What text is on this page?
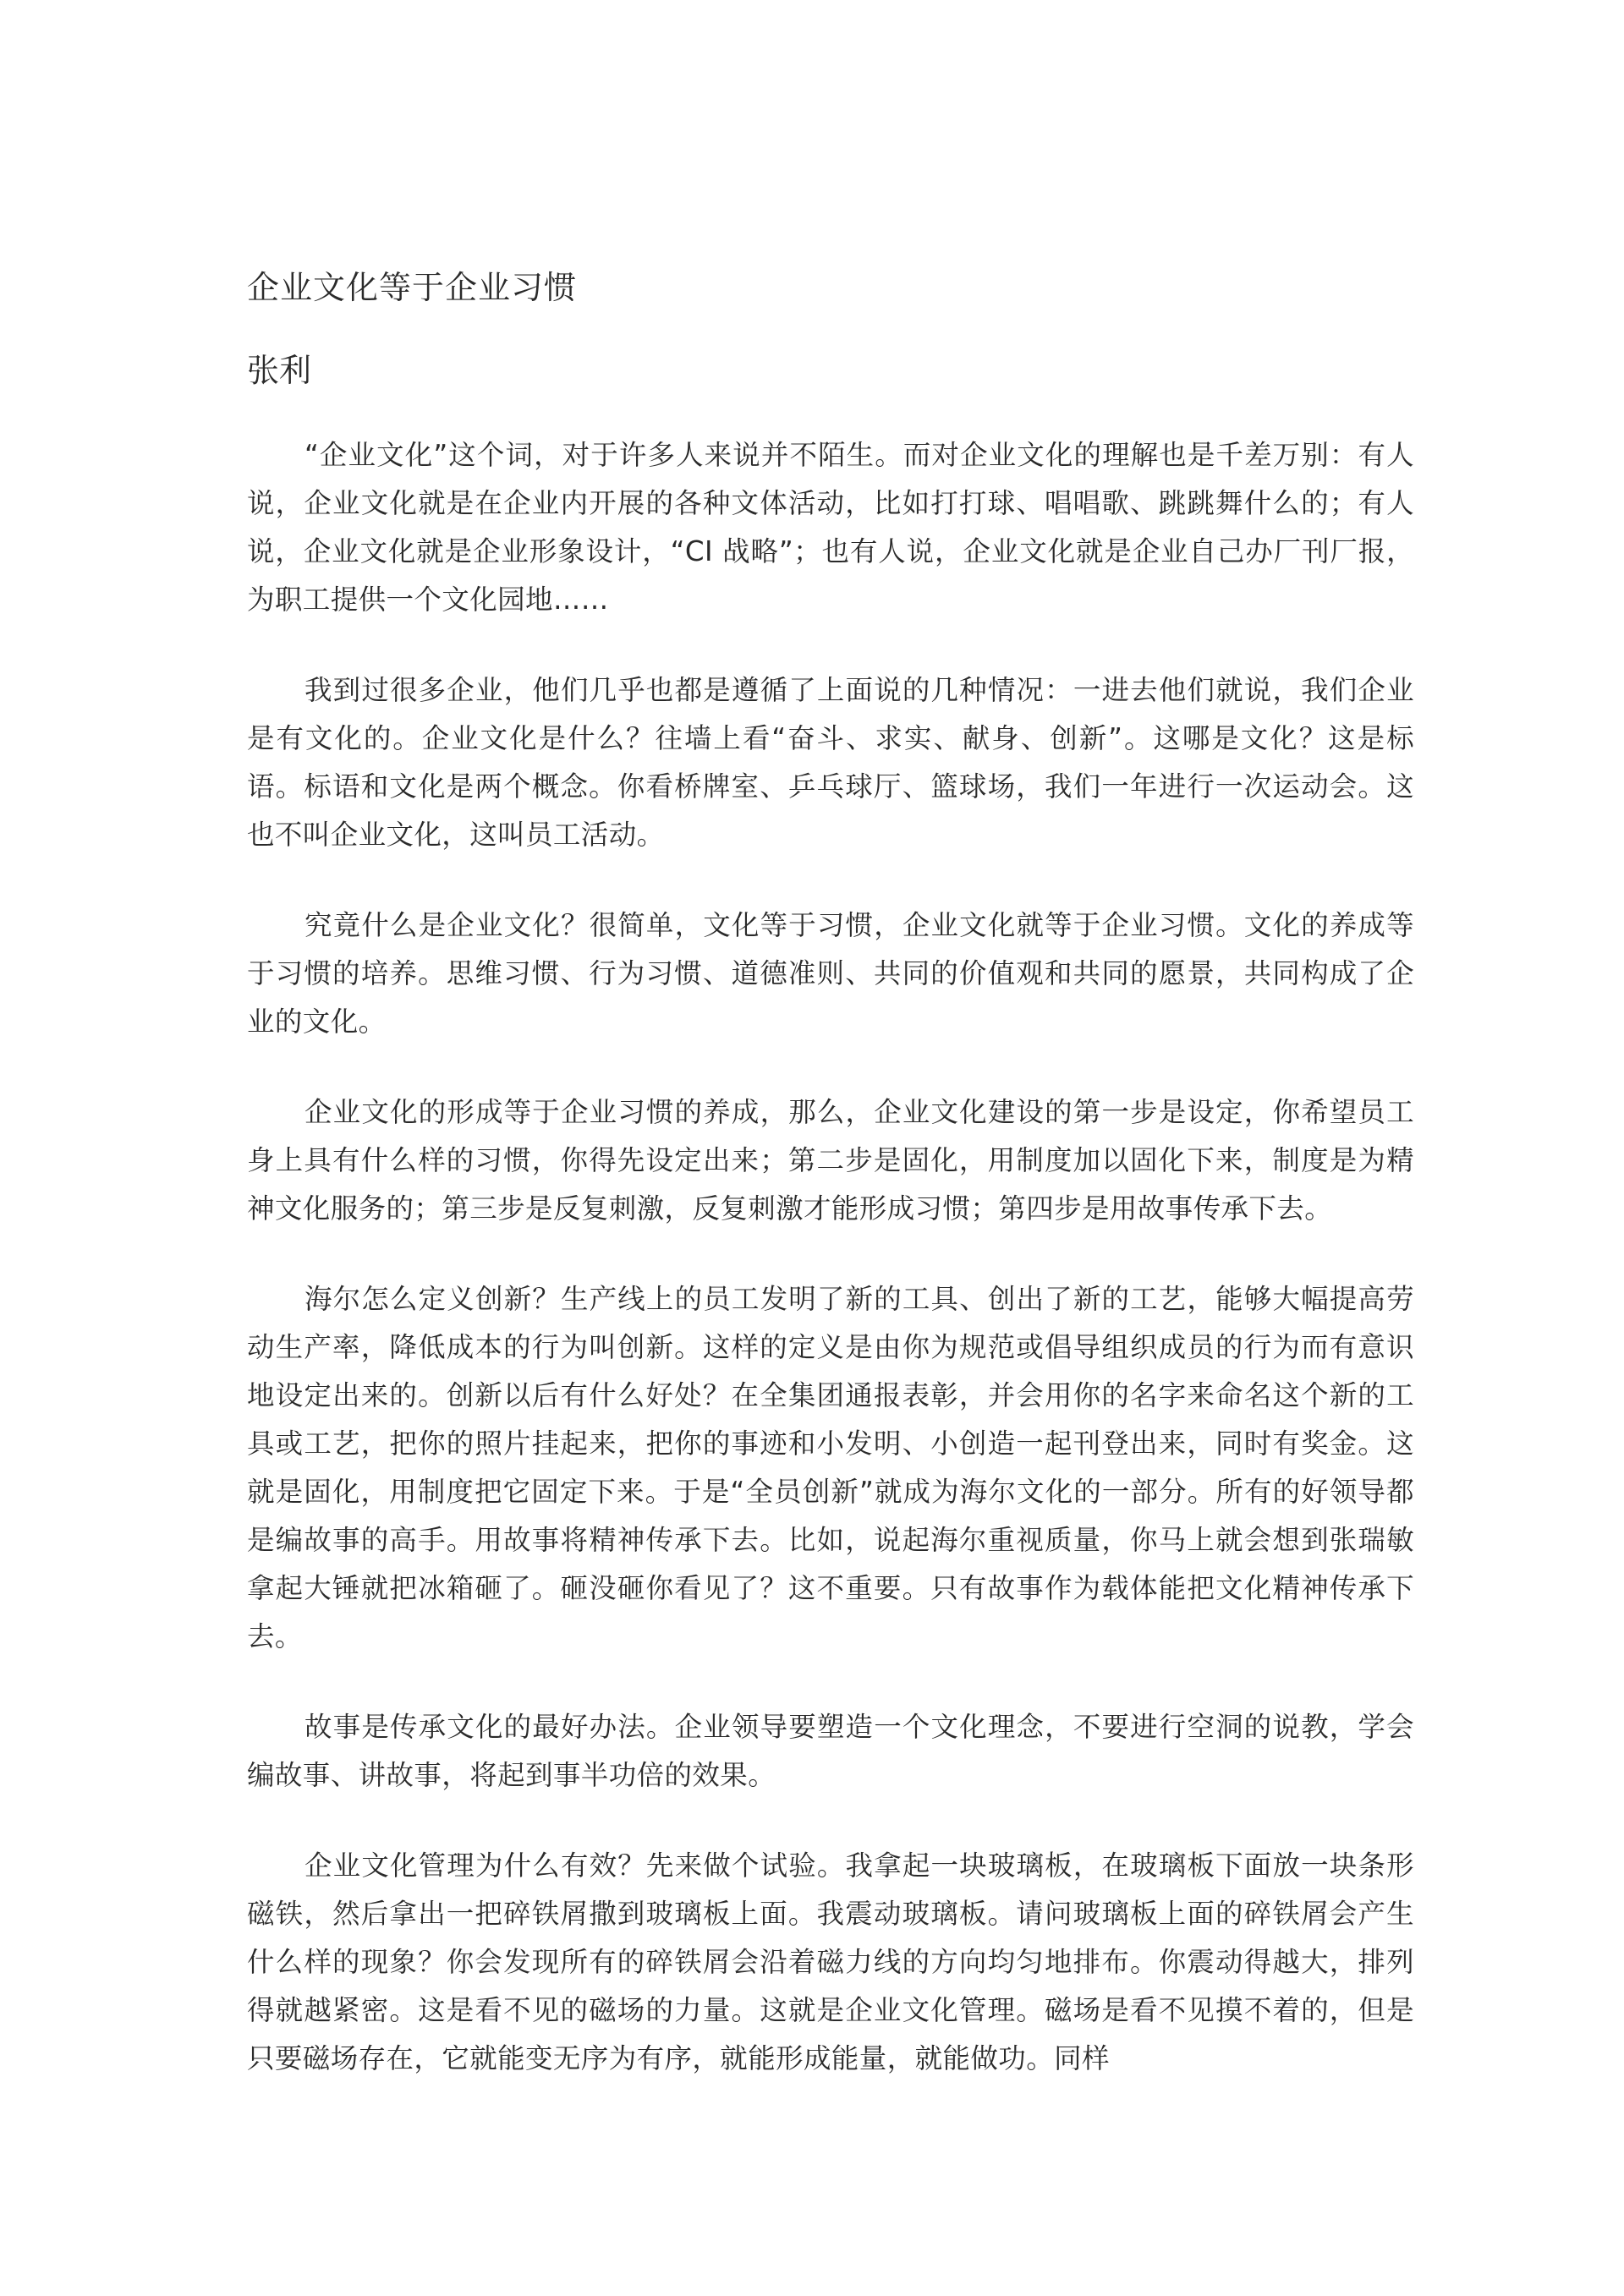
企业文化等于企业习惯
张利

“企业文化”这个词，对于许多人来说并不陌生。而对企业文化的理解也是千差万别：有人说，企业文化就是在企业内开展的各种文体活动，比如打打球、唱唱歌、跳跳舞什么的；有人说，企业文化就是企业形象设计，“CI 战略”；也有人说，企业文化就是企业自己办厂刊厂报，为职工提供一个文化园地……

我到过很多企业，他们几乎也都是遵循了上面说的几种情况：一进去他们就说，我们企业是有文化的。企业文化是什么？往墙上看“奋斗、求实、献身、创新”。这哪是文化？这是标语。标语和文化是两个概念。你看桥牌室、乒乓球厅、篮球场，我们一年进行一次运动会。这也不叫企业文化，这叫员工活动。

究竟什么是企业文化？很简单，文化等于习惯，企业文化就等于企业习惯。文化的养成等于习惯的培养。思维习惯、行为习惯、道德准则、共同的价值观和共同的愿景，共同构成了企业的文化。

企业文化的形成等于企业习惯的养成，那么，企业文化建设的第一步是设定，你希望员工身上具有什么样的习惯，你得先设定出来；第二步是固化，用制度加以固化下来，制度是为精神文化服务的；第三步是反复刺激，反复刺激才能形成习惯；第四步是用故事传承下去。

海尔怎么定义创新？生产线上的员工发明了新的工具、创出了新的工艺，能够大幅提高劳动生产率，降低成本的行为叫创新。这样的定义是由你为规范或倡导组织成员的行为而有意识地设定出来的。创新以后有什么好处？在全集团通报表彰，并会用你的名字来命名这个新的工具或工艺，把你的照片挂起来，把你的事迹和小发明、小创造一起刊登出来，同时有奖金。这就是固化，用制度把它固定下来。于是“全员创新”就成为海尔文化的一部分。所有的好领导都是编故事的高手。用故事将精神传承下去。比如，说起海尔重视质量，你马上就会想到张瑞敏拿起大锤就把冰箱砸了。砸没砸你看见了？这不重要。只有故事作为载体能把文化精神传承下去。

故事是传承文化的最好办法。企业领导要塑造一个文化理念，不要进行空洞的说教，学会编故事、讲故事，将起到事半功倍的效果。

企业文化管理为什么有效？先来做个试验。我拿起一块玻璃板，在玻璃板下面放一块条形磁铁，然后拿出一把碎铁屑撒到玻璃板上面。我震动玻璃板。请问玻璃板上面的碎铁屑会产生什么样的现象？你会发现所有的碎铁屑会沿着磁力线的方向均匀地排布。你震动得越大，排列得就越紧密。这是看不见的磁场的力量。这就是企业文化管理。磁场是看不见摸不着的，但是只要磁场存在，它就能变无序为有序，就能形成能量，就能做功。同样
